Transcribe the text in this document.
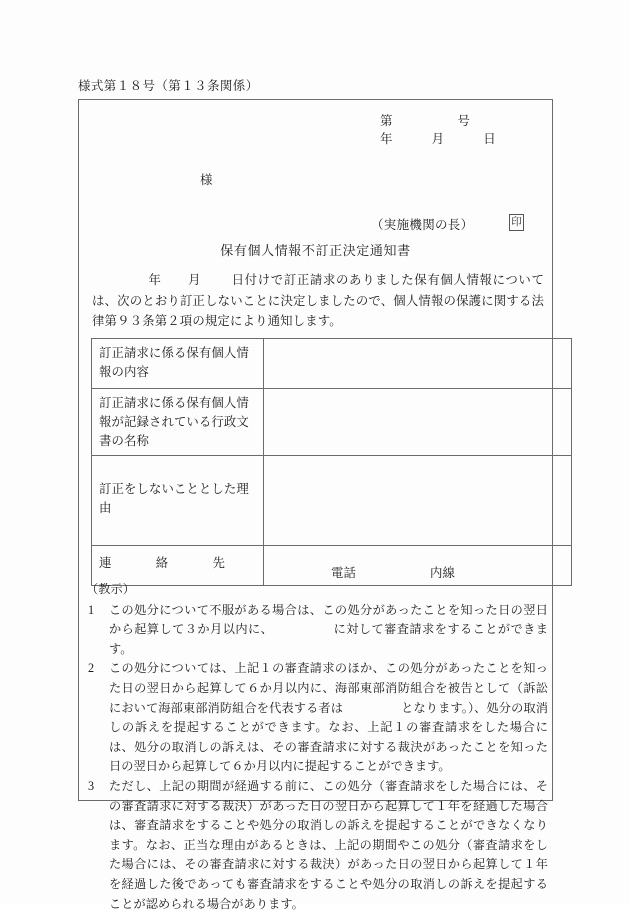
様式第１８号（第１３条関係）
第　　　　　号
年　　　月　　　日
様
（実施機関の長）	印
保有個人情報不訂正決定通知書
年 月 日付けで訂正請求のありました保有個人情報については、次のとおり訂正しないことに決定しましたので、個人情報の保護に関する法律第９３条第２項の規定により通知します。
訂正請求に係る保有個人情報の内容	
訂正請求に係る保有個人情報が記録されている行政文書の名称	
訂正をしないこととした理由	

連 絡 先	電話 内線
（教示）
1 この処分について不服がある場合は、この処分があったことを知った日の翌日から起算して３か月以内に、	に対して審査請求をすることができます。
2 この処分については、上記１の審査請求のほか、この処分があったことを知った日の翌日から起算して６か月以内に、海部東部消防組合を被告として（訴訟において海部東部消防組合を代表する者は	となります。）、処分の取消しの訴えを提起することができます。なお、上記１の審査請求をした場合には、処分の取消しの訴えは、その審査請求に対する裁決があったことを知った日の翌日から起算して６か月以内に提起することができます。
3 ただし、上記の期間が経過する前に、この処分（審査請求をした場合には、その審査請求に対する裁決）があった日の翌日から起算して１年を経過した場合は、審査請求をすることや処分の取消しの訴えを提起することができなくなります。なお、正当な理由があるときは、上記の期間やこの処分（審査請求をした場合には、その審査請求に対する裁決）があった日の翌日から起算して１年を経過した後であっても審査請求をすることや処分の取消しの訴えを提起することが認められる場合があります。
